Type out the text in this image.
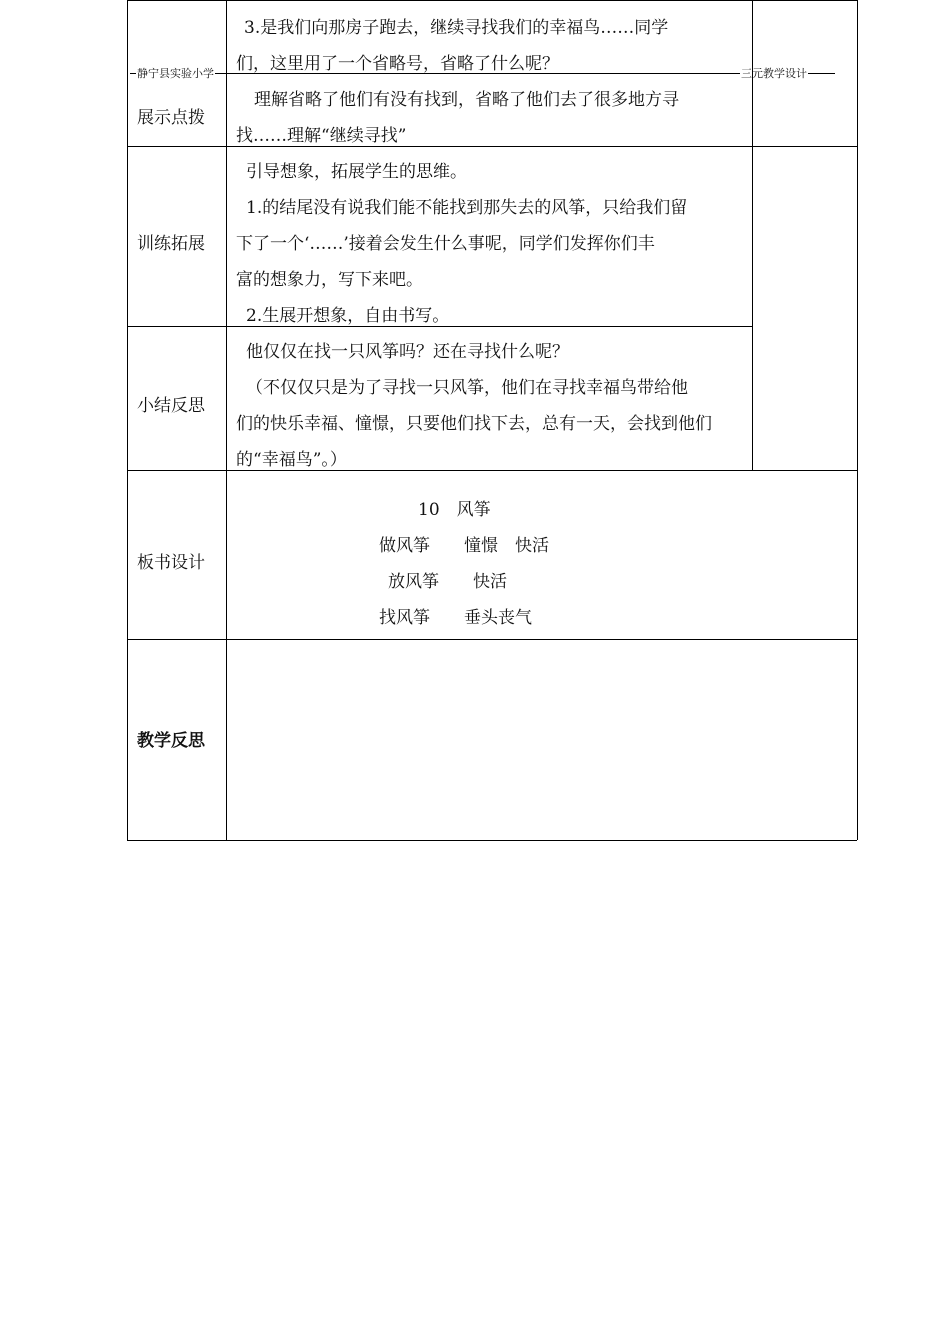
静宁县实验小学	三元教学设计
展示点拨
3.是我们向那房子跑去，继续寻找我们的幸福鸟……同学
们，这里用了一个省略号，省略了什么呢？
理解省略了他们有没有找到，省略了他们去了很多地方寻
找……理解“继续寻找”
训练拓展
引导想象，拓展学生的思维。
1.的结尾没有说我们能不能找到那失去的风筝，只给我们留
下了一个‘……’接着会发生什么事呢，同学们发挥你们丰
富的想象力，写下来吧。
2.生展开想象，自由书写。
小结反思
他仅仅在找一只风筝吗？还在寻找什么呢？
（不仅仅只是为了寻找一只风筝，他们在寻找幸福鸟带给他
们的快乐幸福、憧憬，只要他们找下去，总有一天，会找到他们
的“幸福鸟”。）
板书设计
10　风筝
做风筝　　憧憬　快活
放风筝　　快活
找风筝　　垂头丧气
教学反思
